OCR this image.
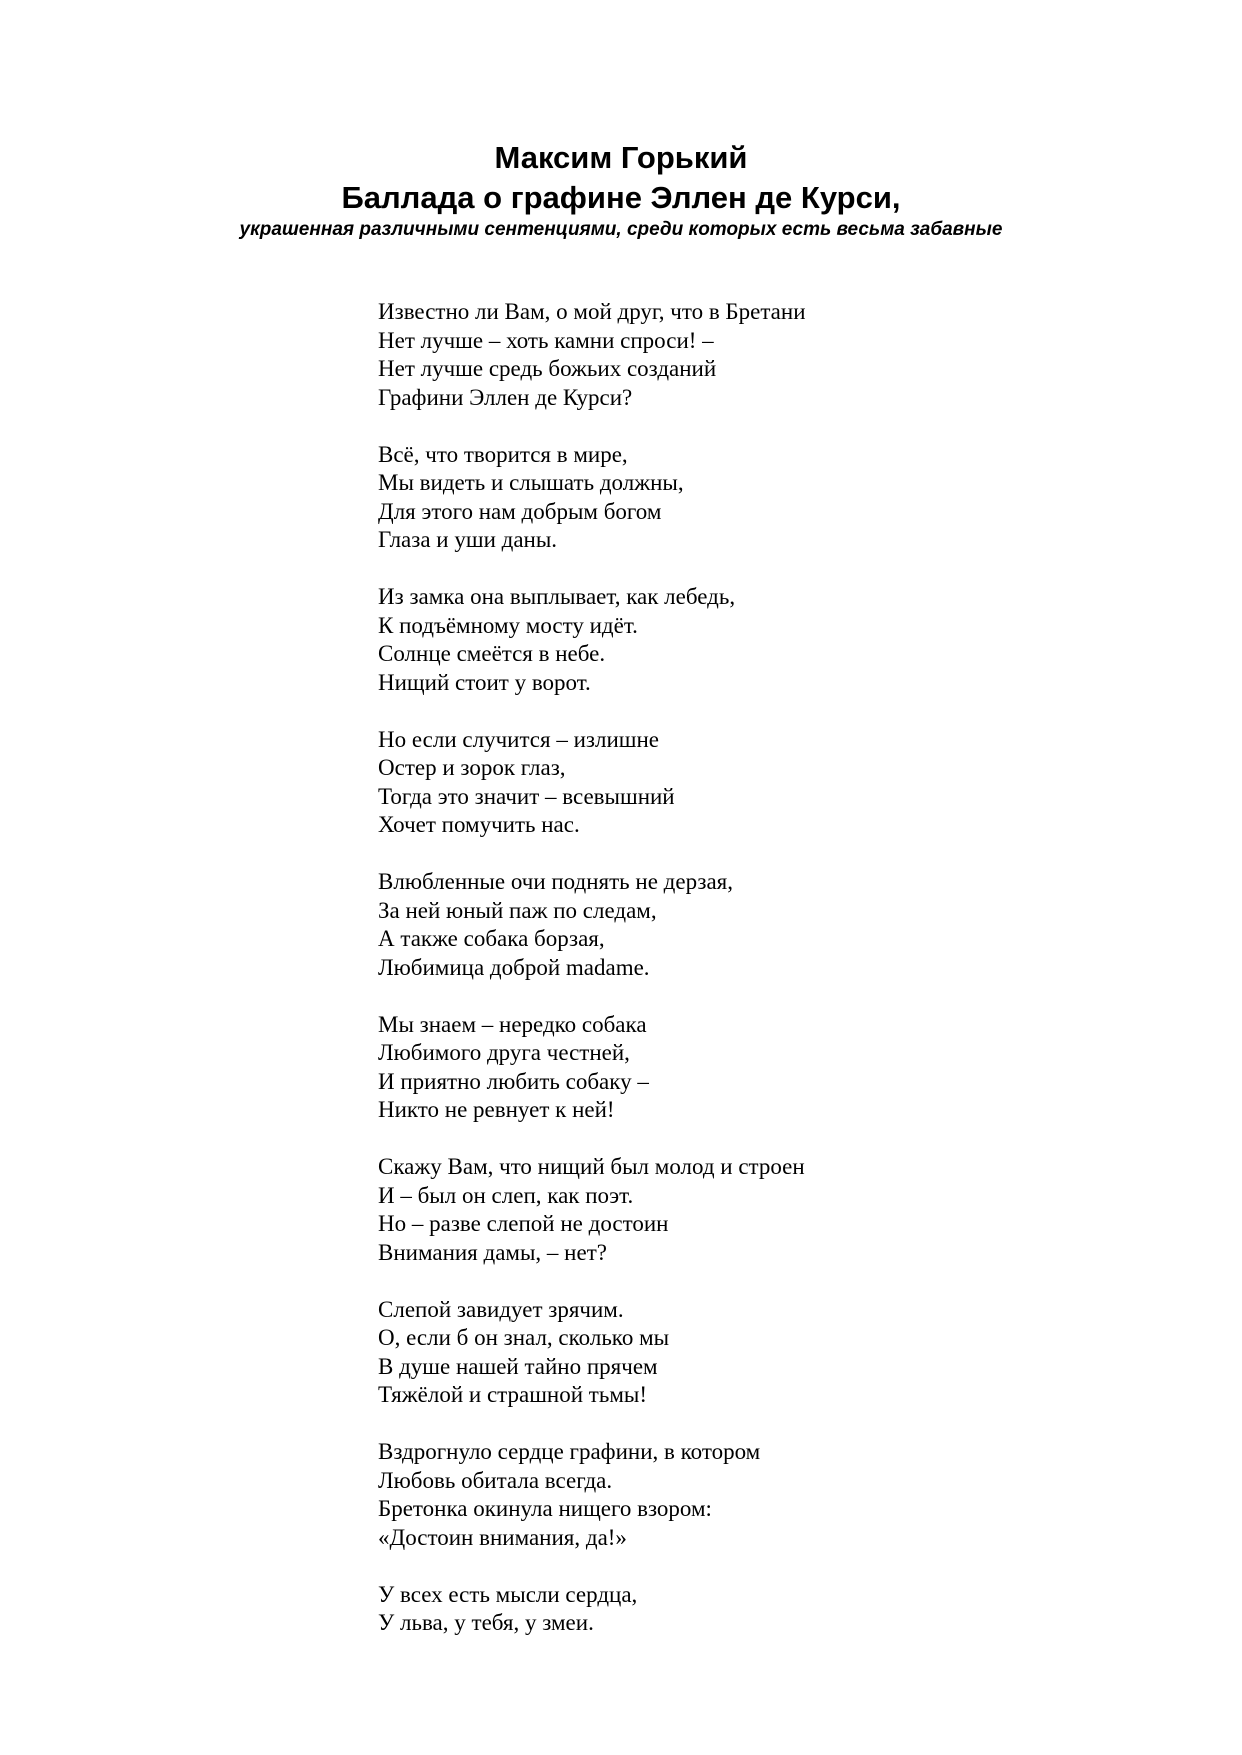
Максим Горький

Баллада о графине Эллен де Курси,

украшенная различными сентенциями, среди которых есть весьма забавные

Известно ли Вам, о мой друг, что в Бретани
Нет лучше – хоть камни спроси! –
Нет лучше средь божьих созданий
Графини Эллен де Курси?
Всё, что творится в мире,
Мы видеть и слышать должны,
Для этого нам добрым богом
Глаза и уши даны.
Из замка она выплывает, как лебедь,
К подъёмному мосту идёт.
Солнце смеётся в небе.
Нищий стоит у ворот.
Но если случится – излишне
Остер и зорок глаз,
Тогда это значит – всевышний
Хочет помучить нас.
Влюбленные очи поднять не дерзая,
За ней юный паж по следам,
А также собака борзая,
Любимица доброй madame.
Мы знаем – нередко собака
Любимого друга честней,
И приятно любить собаку –
Никто не ревнует к ней!
Скажу Вам, что нищий был молод и строен
И – был он слеп, как поэт.
Но – разве слепой не достоин
Внимания дамы, – нет?
Слепой завидует зрячим.
О, если б он знал, сколько мы
В душе нашей тайно прячем
Тяжёлой и страшной тьмы!
Вздрогнуло сердце графини, в котором
Любовь обитала всегда.
Бретонка окинула нищего взором:
«Достоин внимания, да!»
У всех есть мысли сердца,
У льва, у тебя, у змеи.
